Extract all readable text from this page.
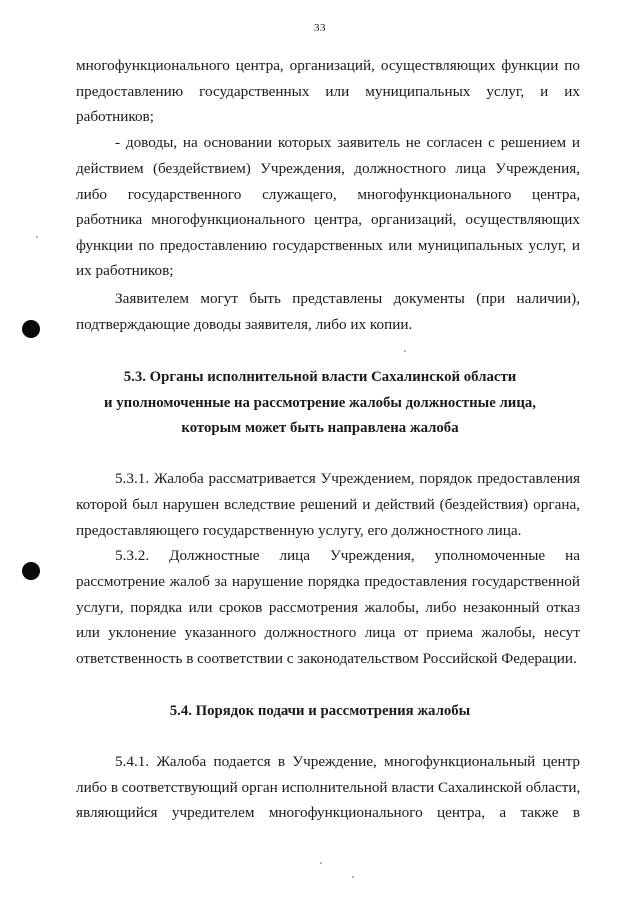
33

многофункционального центра, организаций, осуществляющих функции по

предоставлению государственных или муниципальных услуг, и их

работников;

- доводы, на основании которых заявитель не согласен с решением и

действием (бездействием) Учреждения, должностного лица Учреждения,

либо государственного служащего, многофункционального центра,

работника многофункционального центра, организаций, осуществляющих

функции по предоставлению государственных или муниципальных услуг, и

их работников;

Заявителем могут быть представлены документы (при наличии),

подтверждающие доводы заявителя, либо их копии.

5.3. Органы исполнительной власти Сахалинской области

и уполномоченные на рассмотрение жалобы должностные лица,

которым может быть направлена жалоба

5.3.1. Жалоба рассматривается Учреждением, порядок предоставления

которой был нарушен вследствие решений и действий (бездействия) органа,

предоставляющего государственную услугу, его должностного лица.

5.3.2. Должностные лица Учреждения, уполномоченные на

рассмотрение жалоб за нарушение порядка предоставления государственной

услуги, порядка или сроков рассмотрения жалобы, либо незаконный отказ

или уклонение указанного должностного лица от приема жалобы, несут

ответственность в соответствии с законодательством Российской Федерации.

5.4. Порядок подачи и рассмотрения жалобы

5.4.1. Жалоба подается в Учреждение, многофункциональный центр

либо в соответствующий орган исполнительной власти Сахалинской области,

являющийся учредителем многофункционального центра, а также в
